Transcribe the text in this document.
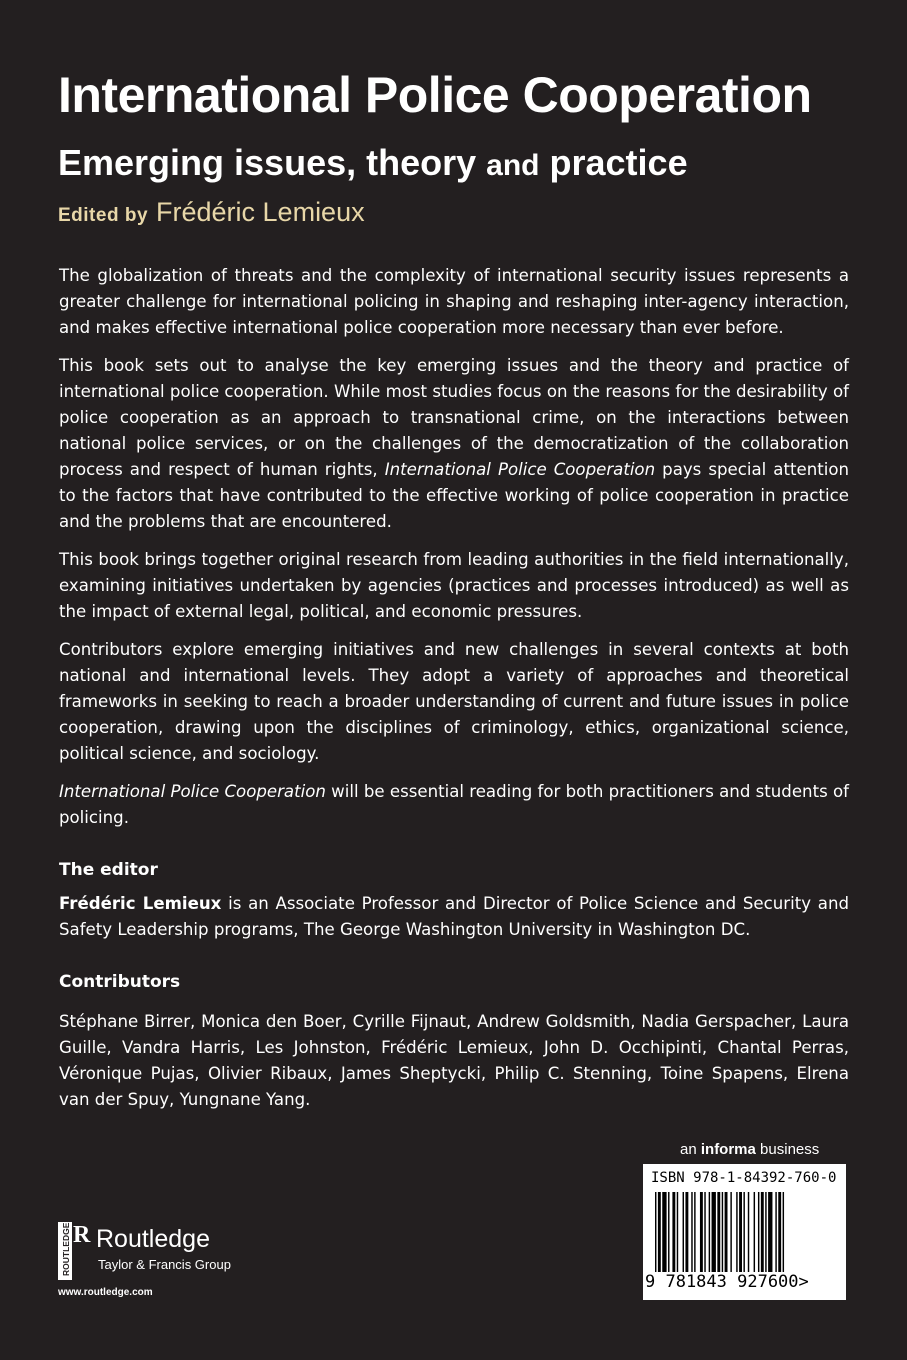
International Police Cooperation
Emerging issues, theory and practice
Edited by Frédéric Lemieux

The globalization of threats and the complexity of international security issues represents a greater challenge for international policing in shaping and reshaping inter-agency interaction, and makes effective international police cooperation more necessary than ever before.

This book sets out to analyse the key emerging issues and the theory and practice of international police cooperation. While most studies focus on the reasons for the desirability of police cooperation as an approach to transnational crime, on the interactions between national police services, or on the challenges of the democratization of the collaboration process and respect of human rights, International Police Cooperation pays special attention to the factors that have contributed to the effective working of police cooperation in practice and the problems that are encountered.

This book brings together original research from leading authorities in the field internationally, examining initiatives undertaken by agencies (practices and processes introduced) as well as the impact of external legal, political, and economic pressures.

Contributors explore emerging initiatives and new challenges in several contexts at both national and international levels. They adopt a variety of approaches and theoretical frameworks in seeking to reach a broader understanding of current and future issues in police cooperation, drawing upon the disciplines of criminology, ethics, organizational science, political science, and sociology.

International Police Cooperation will be essential reading for both practitioners and students of policing.

The editor

Frédéric Lemieux is an Associate Professor and Director of Police Science and Security and Safety Leadership programs, The George Washington University in Washington DC.

Contributors

Stéphane Birrer, Monica den Boer, Cyrille Fijnaut, Andrew Goldsmith, Nadia Gerspacher, Laura Guille, Vandra Harris, Les Johnston, Frédéric Lemieux, John D. Occhipinti, Chantal Perras, Véronique Pujas, Olivier Ribaux, James Sheptycki, Philip C. Stenning, Toine Spapens, Elrena van der Spuy, Yungnane Yang.

an informa business
ISBN 978-1-84392-760-0
9 781843 927600>
ROUTLEDGE R Routledge
Taylor & Francis Group
www.routledge.com
